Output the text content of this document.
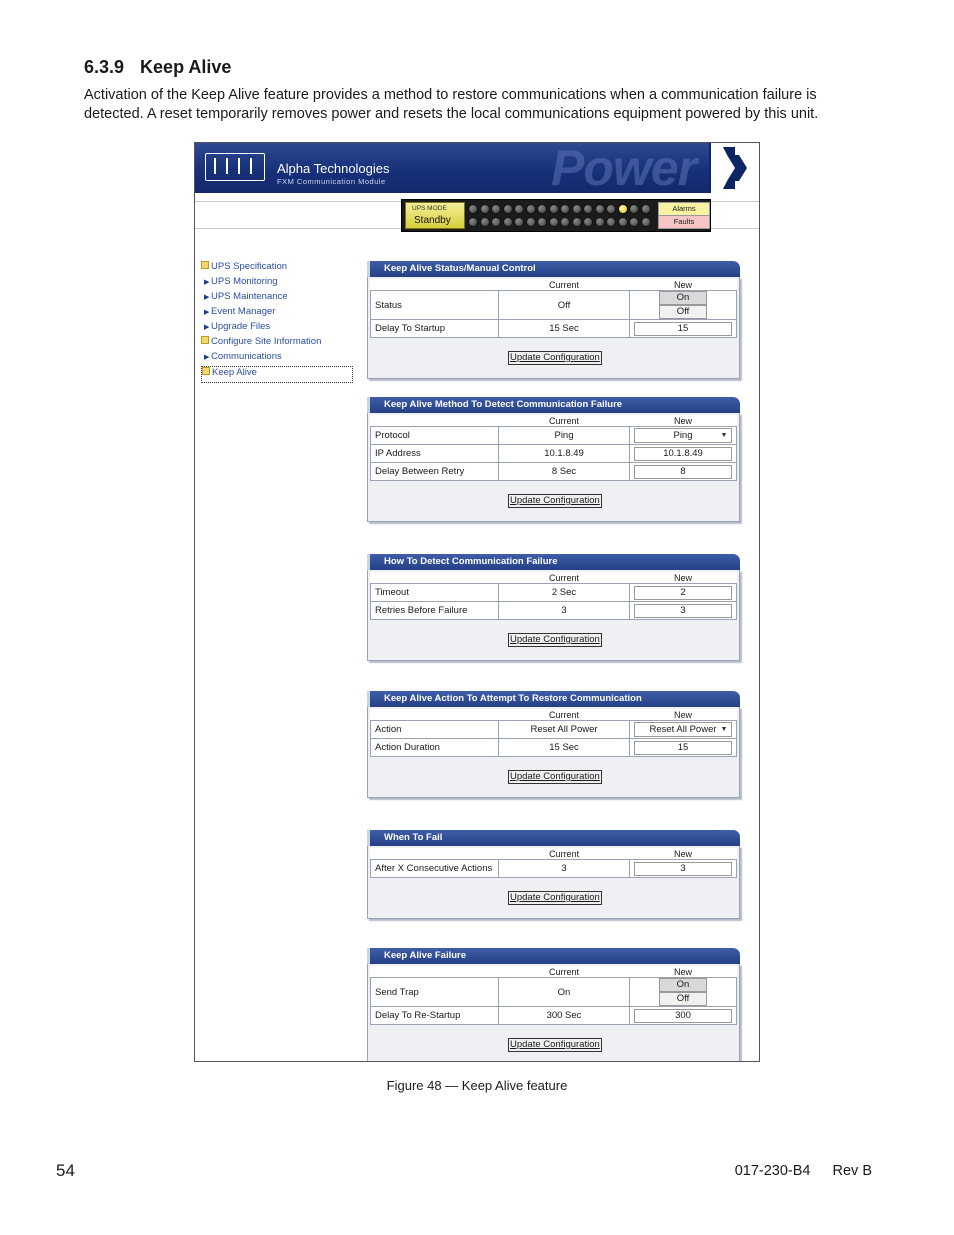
6.3.9 Keep Alive
Activation of the Keep Alive feature provides a method to restore communications when a communication failure is detected. A reset temporarily removes power and resets the local communications equipment powered by this unit.
Power
Alpha Technologies
FXM Communication Module
UPS MODE
Standby
Alarms
Faults
UPS Specification
▶UPS Monitoring
▶UPS Maintenance
▶Event Manager
▶Upgrade Files
Configure Site Information
▶Communications
Keep Alive
Keep Alive Status/Manual Control
	Current	New
Status	Off	OnOff
Delay To Startup	15 Sec	15
Update Configuration
Keep Alive Method To Detect Communication Failure
	Current	New
Protocol	Ping	Ping ▼

IP Address	10.1.8.49	10.1.8.49
Delay Between Retry	8 Sec	8
Update Configuration
How To Detect Communication Failure
	Current	New
Timeout	2 Sec	2
Retries Before Failure	3	3
Update Configuration
Keep Alive Action To Attempt To Restore Communication
	Current	New
Action	Reset All Power	Reset All Power ▼

Action Duration	15 Sec	15
Update Configuration
When To Fail
	Current	New
After X Consecutive Actions	3	3
Update Configuration
Keep Alive Failure
	Current	New
Send Trap	On	OnOff
Delay To Re-Startup	300 Sec	300
Update Configuration
Figure 48 — Keep Alive feature
54	017-230-B4 Rev B
